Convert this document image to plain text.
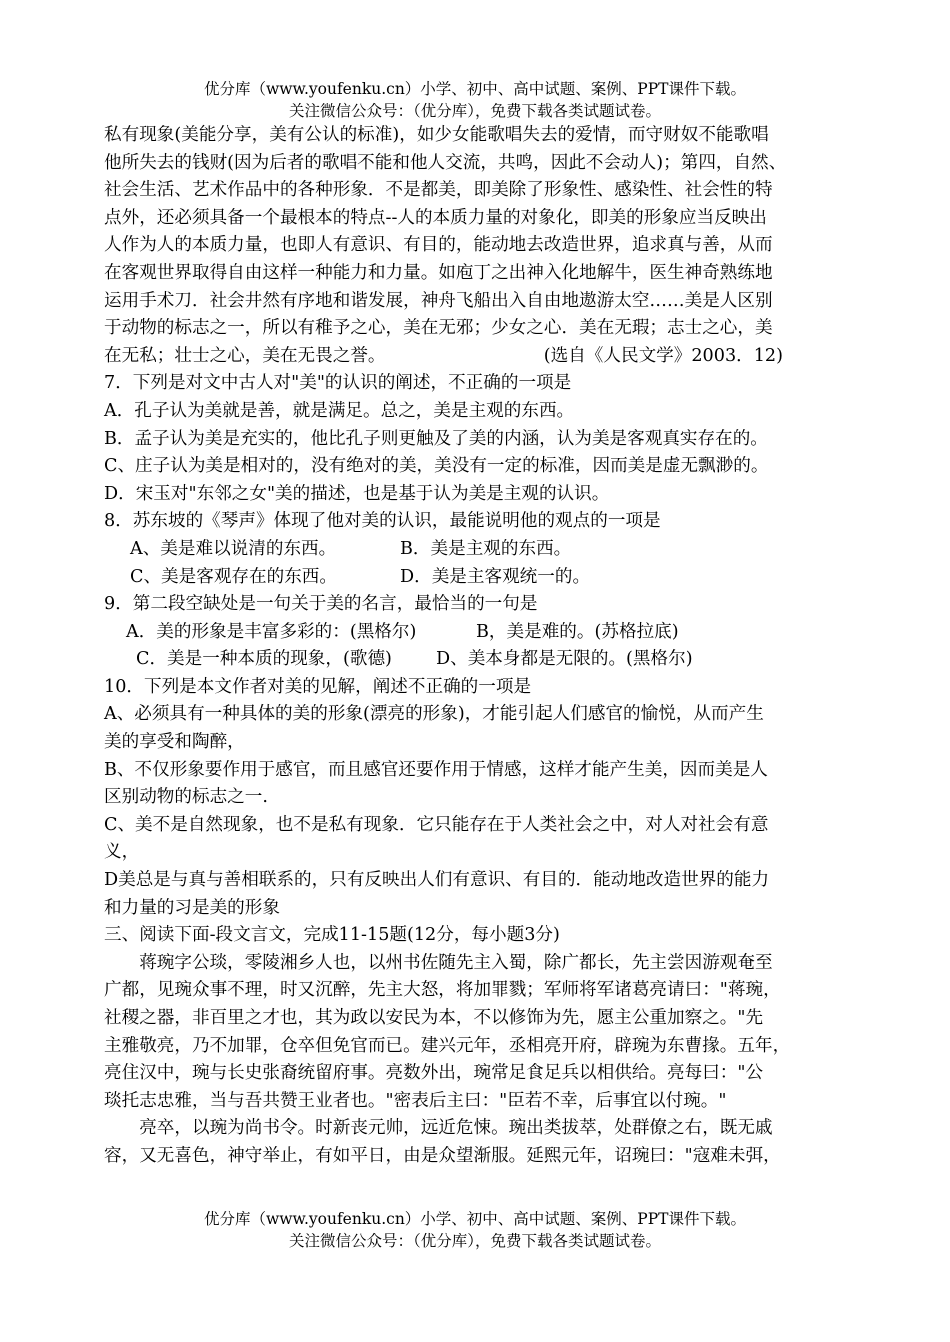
优分库（www.youfenku.cn）小学、初中、高中试题、案例、PPT课件下载。
关注微信公众号：（优分库），免费下载各类试题试卷。

私有现象(美能分享，美有公认的标准)，如少女能歌唱失去的爱情，而守财奴不能歌唱

他所失去的钱财(因为后者的歌唱不能和他人交流，共鸣，因此不会动人)；第四，自然、

社会生活、艺术作品中的各种形象．不是都美，即美除了形象性、感染性、社会性的特

点外，还必须具备一个最根本的特点--人的本质力量的对象化，即美的形象应当反映出

人作为人的本质力量，也即人有意识、有目的，能动地去改造世界，追求真与善，从而

在客观世界取得自由这样一种能力和力量。如庖丁之出神入化地解牛，医生神奇熟练地

运用手术刀．社会井然有序地和谐发展，神舟飞船出入自由地遨游太空……美是人区别

于动物的标志之一，所以有稚予之心，美在无邪；少女之心．美在无瑕；志士之心，美

在无私；壮士之心，美在无畏之誉。	(选自《人民文学》2003．12)

7．下列是对文中古人对"美"的认识的阐述，不正确的一项是

A．孔子认为美就是善，就是满足。总之，美是主观的东西。

B．孟子认为美是充实的，他比孔子则更触及了美的内涵，认为美是客观真实存在的。

C、庄子认为美是相对的，没有绝对的美，美没有一定的标准，因而美是虚无飘渺的。

D．宋玉对"东邻之女"美的描述，也是基于认为美是主观的认识。

8．苏东坡的《琴声》体现了他对美的认识，最能说明他的观点的一项是

A、美是难以说清的东西。	B．美是主观的东西。

C、美是客观存在的东西。	D．美是主客观统一的。

9．第二段空缺处是一句关于美的名言，最恰当的一句是

A．美的形象是丰富多彩的：(黑格尔)	B，美是难的。(苏格拉底)

C．美是一种本质的现象，(歌德)	D、美本身都是无限的。(黑格尔)

10．下列是本文作者对美的见解，阐述不正确的一项是

A、必须具有一种具体的美的形象(漂亮的形象)，才能引起人们感官的愉悦，从而产生

美的享受和陶醉，

B、不仅形象要作用于感官，而且感官还要作用于情感，这样才能产生美，因而美是人

区别动物的标志之一.

C、美不是自然现象，也不是私有现象．它只能存在于人类社会之中，对人对社会有意

义，

D美总是与真与善相联系的，只有反映出人们有意识、有目的．能动地改造世界的能力

和力量的习是美的形象

三、阅读下面-段文言文，完成11-15题(12分，每小题3分)

蒋琬字公琰，零陵湘乡人也，以州书佐随先主入蜀，除广都长，先主尝因游观奄至

广都，见琬众事不理，时又沉醉，先主大怒，将加罪戮；军师将军诸葛亮请曰："蒋琬，

社稷之器，非百里之才也，其为政以安民为本，不以修饰为先，愿主公重加察之。"先

主雅敬亮，乃不加罪，仓卒但免官而已。建兴元年，丞相亮开府，辟琬为东曹掾。五年，

亮住汉中，琬与长史张裔统留府事。亮数外出，琬常足食足兵以相供给。亮每曰："公

琰托志忠雅，当与吾共赞王业者也。"密表后主曰："臣若不幸，后事宜以付琬。"

亮卒，以琬为尚书令。时新丧元帅，远近危悚。琬出类拔萃，处群僚之右，既无戚

容，又无喜色，神守举止，有如平日，由是众望渐服。延熙元年，诏琬曰："寇难未弭，

优分库（www.youfenku.cn）小学、初中、高中试题、案例、PPT课件下载。
关注微信公众号：（优分库），免费下载各类试题试卷。
